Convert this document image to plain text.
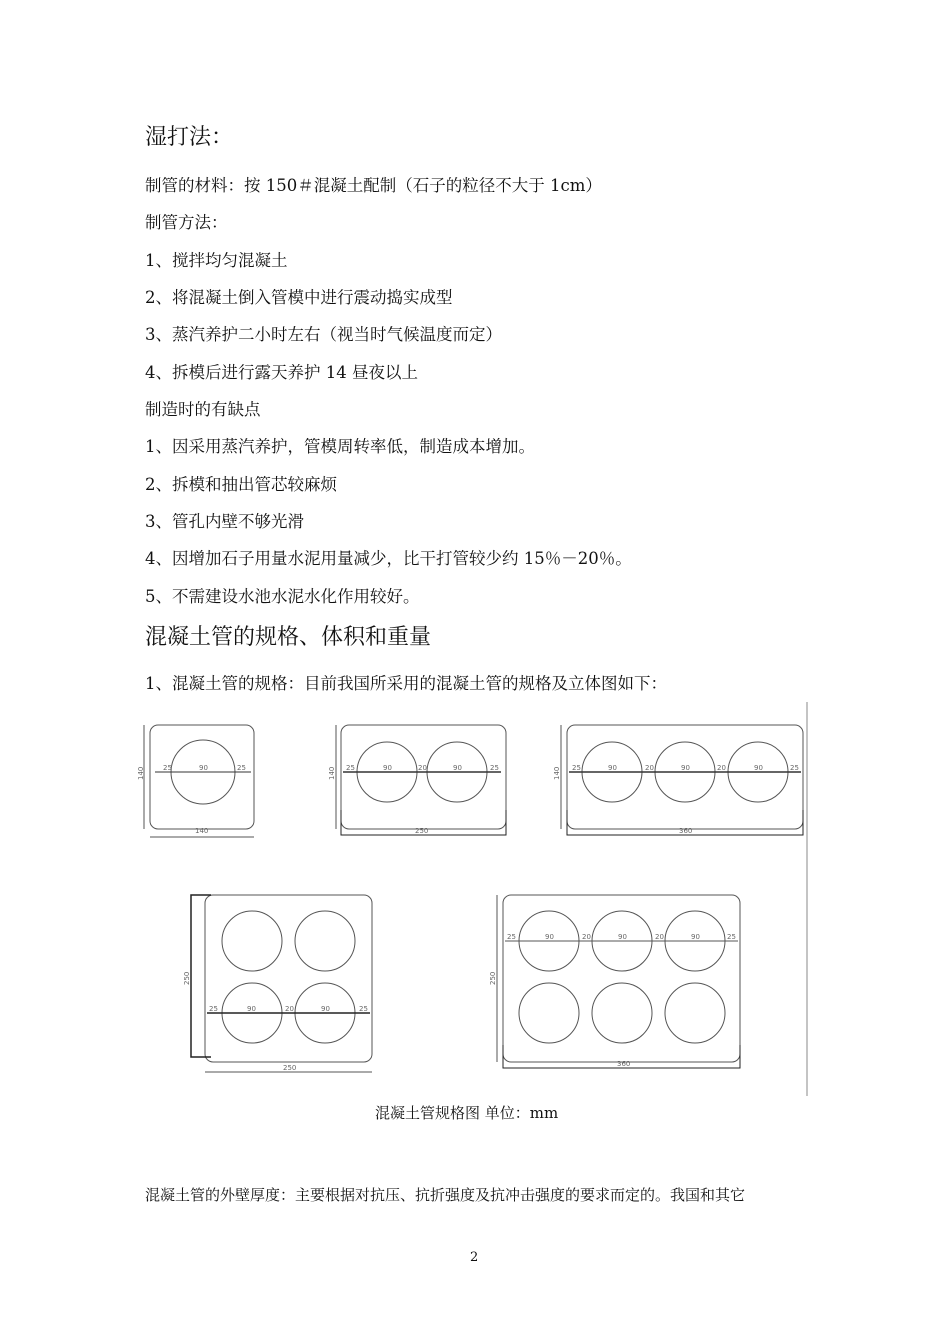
湿打法：
制管的材料：按 150＃混凝土配制（石子的粒径不大于 1cm）
制管方法：
1、搅拌均匀混凝土
2、将混凝土倒入管模中进行震动捣实成型
3、蒸汽养护二小时左右（视当时气候温度而定）
4、拆模后进行露天养护 14 昼夜以上
制造时的有缺点
1、因采用蒸汽养护，管模周转率低，制造成本增加。
2、拆模和抽出管芯较麻烦
3、管孔内壁不够光滑
4、因增加石子用量水泥用量减少，比干打管较少约 15％－20％。
5、不需建设水池水泥水化作用较好。
混凝土管的规格、体积和重量
1、混凝土管的规格：目前我国所采用的混凝土管的规格及立体图如下：
140
140
25	90	25	140
250
25	90	20	90	25	140
360
25	90	20	90	20	90	25
250
250
25	90	20	90	25
250
360
25	90	20	90	20	90	25
混凝土管规格图 单位：mm
混凝土管的外壁厚度：主要根据对抗压、抗折强度及抗冲击强度的要求而定的。我国和其它
2
